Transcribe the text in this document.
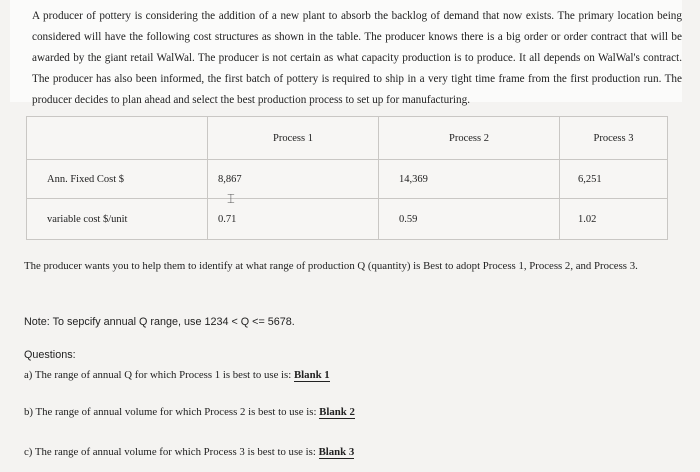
A producer of pottery is considering the addition of a new plant to absorb the backlog of demand that now exists. The primary location being considered will have the following cost structures as shown in the table. The producer knows there is a big order or order contract that will be awarded by the giant retail WalWal. The producer is not certain as what capacity production is to produce. It all depends on WalWal's contract. The producer has also been informed, the first batch of pottery is required to ship in a very tight time frame from the first production run. The producer decides to plan ahead and select the best production process to set up for manufacturing.

	Process 1	Process 2	Process 3
Ann. Fixed Cost $	8,867	14,369	6,251
variable cost $/unit	0.71	0.59	1.02
⌶

The producer wants you to help them to identify at what range of production Q (quantity) is Best to adopt Process 1, Process 2, and Process 3.

Note: To sepcify annual Q range, use 1234 < Q <= 5678.

Questions:

a) The range of annual Q for which Process 1 is best to use is: Blank 1

b) The range of annual volume for which Process 2 is best to use is: Blank 2

c) The range of annual volume for which Process 3 is best to use is: Blank 3
